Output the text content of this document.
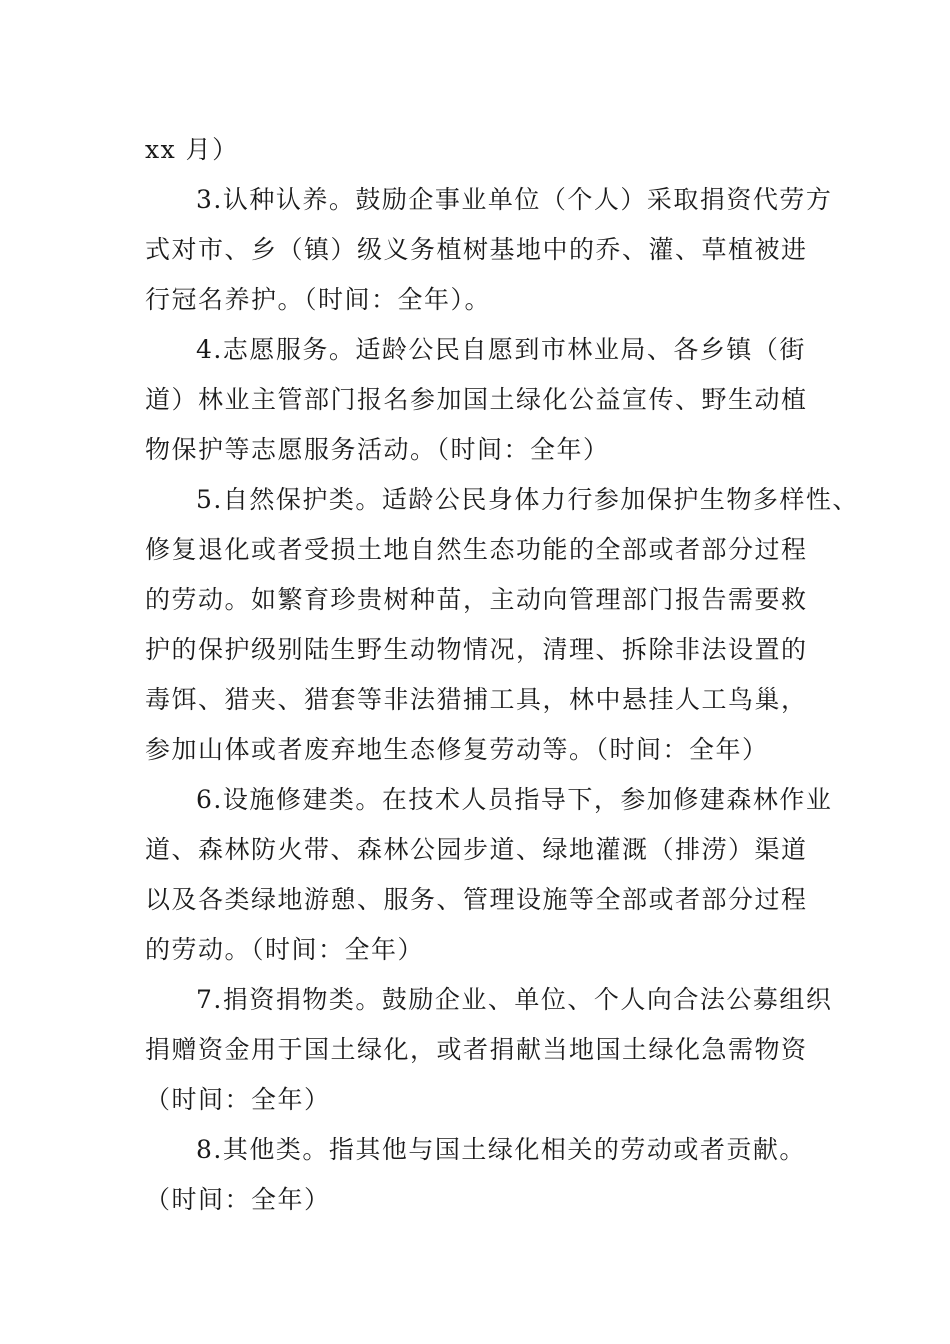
xx 月）
3.认种认养。鼓励企事业单位（个人）采取捐资代劳方
式对市、乡（镇）级义务植树基地中的乔、灌、草植被进
行冠名养护。（时间：全年）。
4.志愿服务。适龄公民自愿到市林业局、各乡镇（街
道）林业主管部门报名参加国土绿化公益宣传、野生动植
物保护等志愿服务活动。（时间：全年）
5.自然保护类。适龄公民身体力行参加保护生物多样性、
修复退化或者受损土地自然生态功能的全部或者部分过程
的劳动。如繁育珍贵树种苗，主动向管理部门报告需要救
护的保护级别陆生野生动物情况，清理、拆除非法设置的
毒饵、猎夹、猎套等非法猎捕工具，林中悬挂人工鸟巢，
参加山体或者废弃地生态修复劳动等。（时间：全年）
6.设施修建类。在技术人员指导下，参加修建森林作业
道、森林防火带、森林公园步道、绿地灌溉（排涝）渠道
以及各类绿地游憩、服务、管理设施等全部或者部分过程
的劳动。（时间：全年）
7.捐资捐物类。鼓励企业、单位、个人向合法公募组织
捐赠资金用于国土绿化，或者捐献当地国土绿化急需物资
（时间：全年）
8.其他类。指其他与国土绿化相关的劳动或者贡献。
（时间：全年）
